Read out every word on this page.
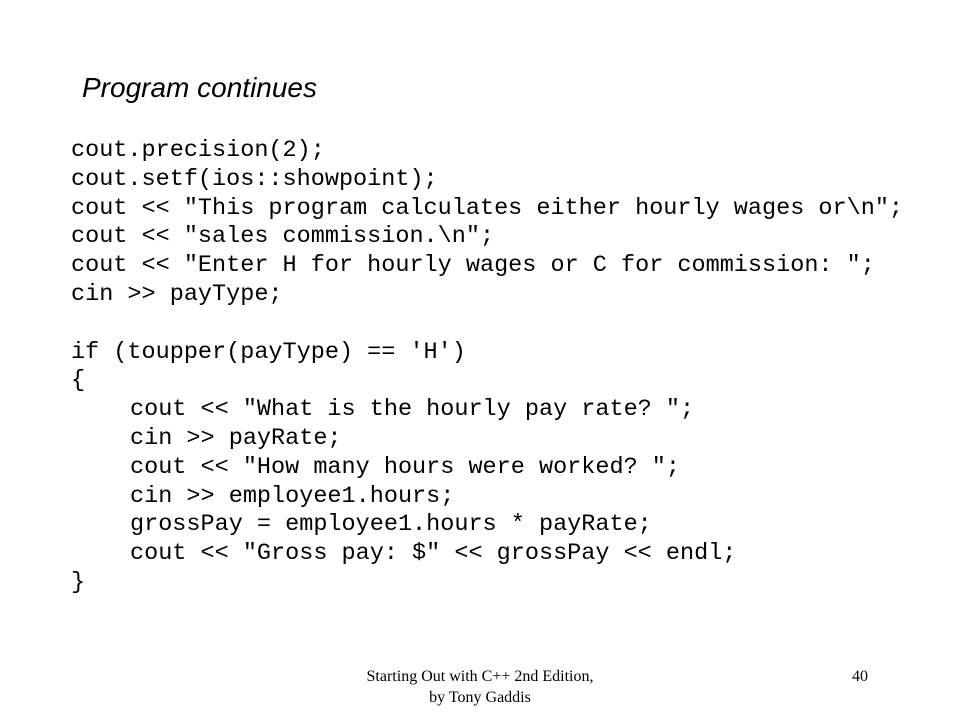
Program continues
cout.precision(2);
cout.setf(ios::showpoint);
cout << "This program calculates either hourly wages or\n";
cout << "sales commission.\n";
cout << "Enter H for hourly wages or C for commission: ";
cin >> payType;
if (toupper(payType) == 'H')
{
cout << "What is the hourly pay rate? ";
cin >> payRate;
cout << "How many hours were worked? ";
cin >> employee1.hours;
grossPay = employee1.hours * payRate;
cout << "Gross pay: $" << grossPay << endl;
}
Starting Out with C++ 2nd Edition,
by Tony Gaddis
40
